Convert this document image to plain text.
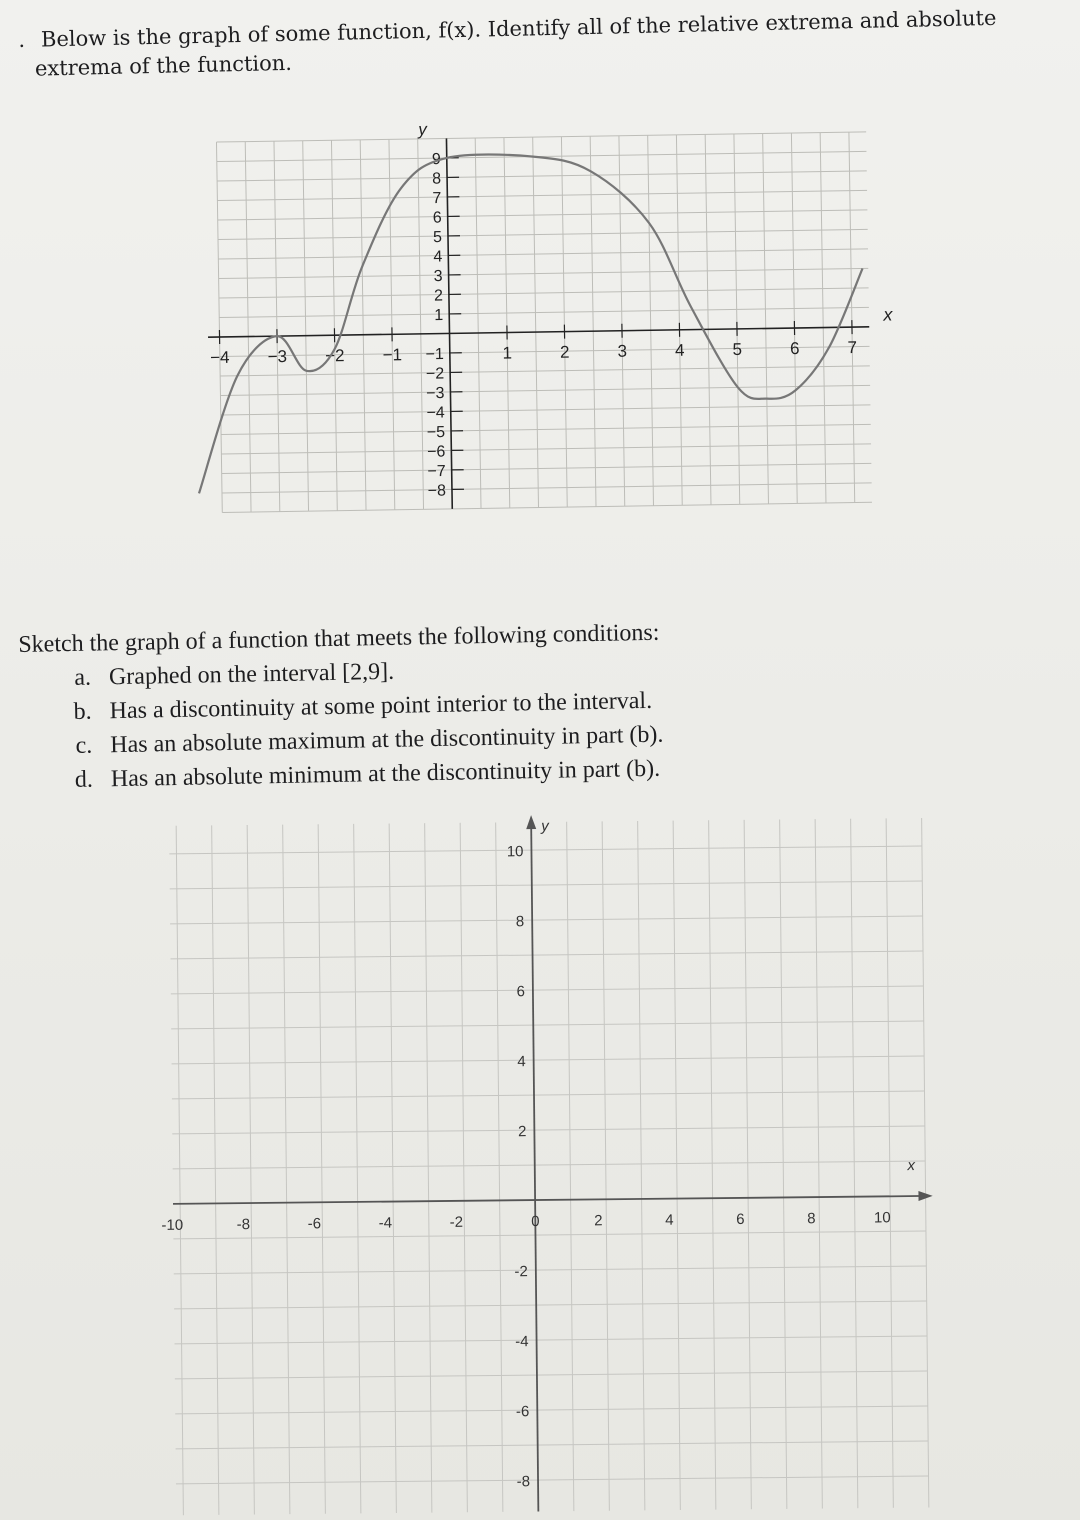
. Below is the graph of some function, f(x). Identify all of the relative extrema and absolute
extrema of the function.
−4 −3 −2 −1	1	2	3	4	5	6	7
9
8
7
6
5
4
3
2
1
−1
−2
−3
−4
−5
−6
−7
−8
x
y
Sketch the graph of a function that meets the following conditions:
a. Graphed on the interval [2,9].
b. Has a discontinuity at some point interior to the interval.
c. Has an absolute maximum at the discontinuity in part (b).
d. Has an absolute minimum at the discontinuity in part (b).
-10	-8	-6	-4	-2	0	2	4	6	8	10
10
8
6
4
2
-2
-4
-6
-8
x
y
